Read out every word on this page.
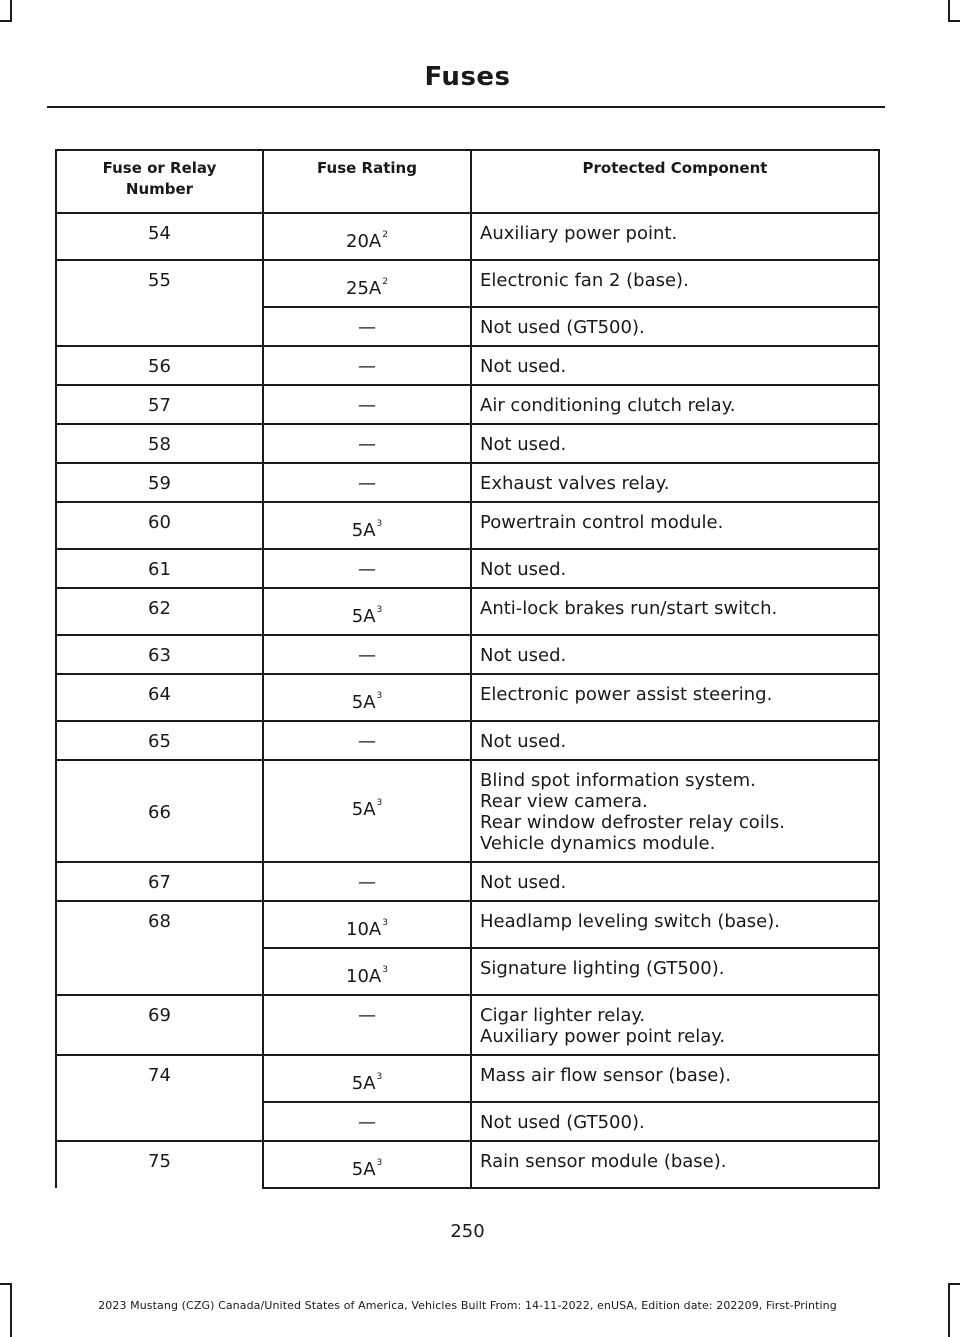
Fuses
Fuse or Relay
Number	Fuse Rating	Protected Component
54	$20A^2$	Auxiliary power point.

55	$25A^2$	Electronic fan 2 (base).

	—	Not used (GT500).

56	—	Not used.

57	—	Air conditioning clutch relay.

58	—	Not used.

59	—	Exhaust valves relay.

60	$5A^3$	Powertrain control module.

61	—	Not used.

62	$5A^3$	Anti-lock brakes run/start switch.

63	—	Not used.

64	$5A^3$	Electronic power assist steering.

65	—	Not used.

66	$5A^3$	Blind spot information system.
Rear view camera.
Rear window defroster relay coils.
Vehicle dynamics module.

67	—	Not used.

68	$10A^3$	Headlamp leveling switch (base).

	$10A^3$	Signature lighting (GT500).

69	—	Cigar lighter relay.
Auxiliary power point relay.

74	$5A^3$	Mass air flow sensor (base).

	—	Not used (GT500).

75	$5A^3$	Rain sensor module (base).
250
2023 Mustang (CZG) Canada/United States of America, Vehicles Built From: 14-11-2022, enUSA, Edition date: 202209, First-Printing
